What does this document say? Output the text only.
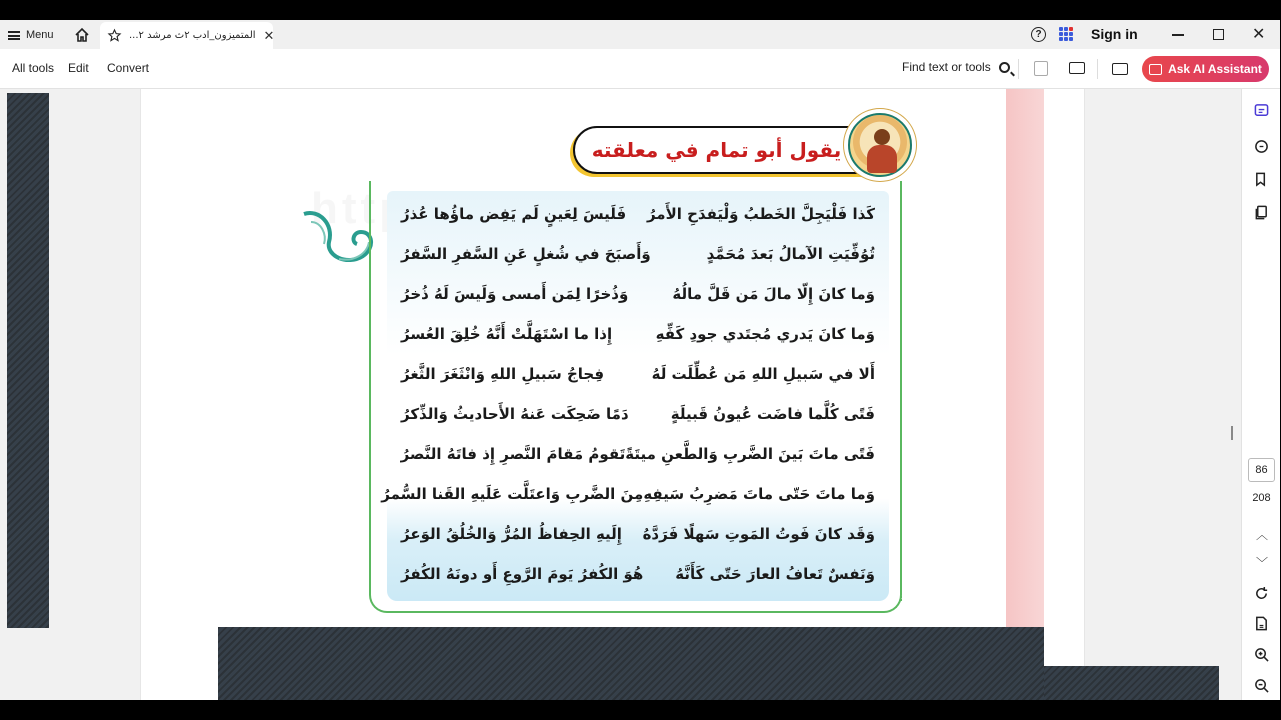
Menu	المتميزون_ادب ٢ث مرشد ٢... ✕	?	Sign in	✕
All tools Edit Convert	Find text or tools	Ask AI Assistant
يقول أبو تمام في معلقته
كَذا فَلْيَجِلَّ الخَطبُ وَلْيَفدَحِ الأَمرُ
فَلَيسَ لِعَينٍ لَم يَفِض ماؤُها عُذرُ
تُوُفِّيَتِ الآمالُ بَعدَ مُحَمَّدٍ
وَأَصبَحَ في شُغلٍ عَنِ السَّفرِ السَّفرُ
وَما كانَ إِلّا مالَ مَن قَلَّ مالُهُ
وَذُخرًا لِمَن أَمسى وَلَيسَ لَهُ ذُخرُ
وَما كانَ يَدري مُجتَدي جودِ كَفِّهِ
إِذا ما اسْتَهَلَّتْ أَنَّهُ خُلِقَ العُسرُ
أَلا في سَبيلِ اللهِ مَن عُطِّلَت لَهُ
فِجاجُ سَبيلِ اللهِ وَانْثَغَرَ الثَّغرُ
فَتًى كُلَّما فاضَت عُيونُ قَبيلَةٍ
دَمًا ضَحِكَت عَنهُ الأَحاديثُ وَالذِّكرُ
فَتًى ماتَ بَينَ الضَّربِ وَالطَّعنِ ميتَةً
تَقومُ مَقامَ النَّصرِ إِذ فاتَهُ النَّصرُ
وَما ماتَ حَتّى ماتَ مَضرِبُ سَيفِهِ
مِنَ الضَّربِ وَاعتَلَّت عَلَيهِ القَنا السُّمرُ
وَقَد كانَ فَوتُ المَوتِ سَهلًا فَرَدَّهُ
إِلَيهِ الحِفاظُ المُرُّ وَالخُلُقُ الوَعرُ
وَنَفسٌ تَعافُ العارَ حَتّى كَأَنَّهُ
هُوَ الكُفرُ يَومَ الرَّوعِ أَو دونَهُ الكُفرُ
86
208
︿
﹀
